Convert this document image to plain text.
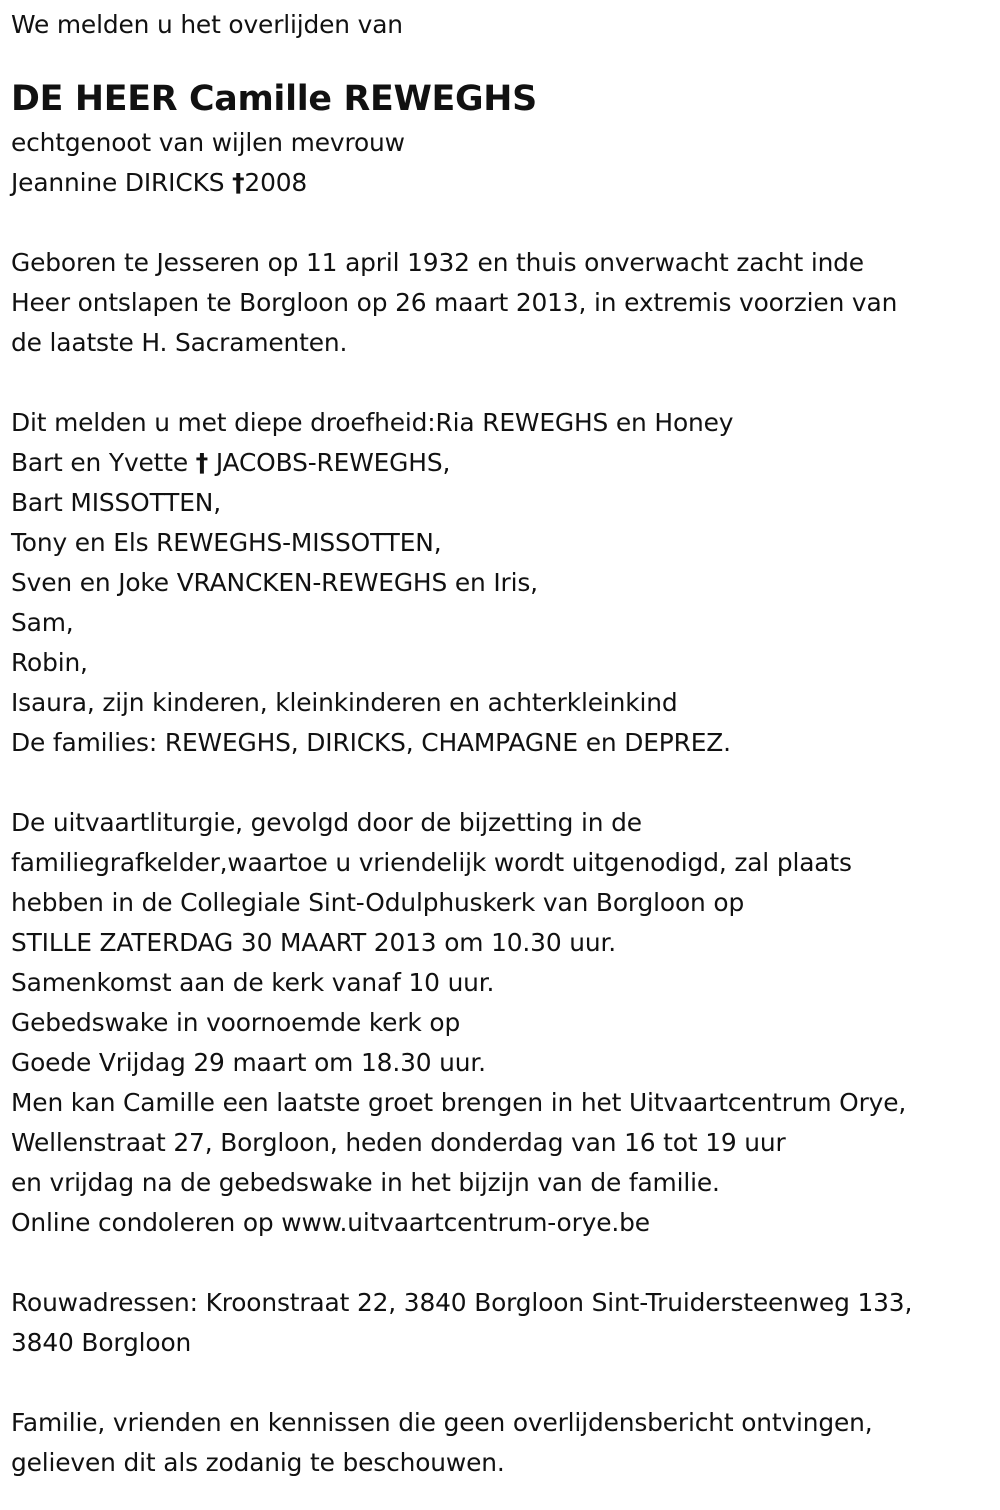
We melden u het overlijden van
DE HEER Camille REWEGHS
echtgenoot van wijlen mevrouw
Jeannine DIRICKS †2008
Geboren te Jesseren op 11 april 1932 en thuis onverwacht zacht inde
Heer ontslapen te Borgloon op 26 maart 2013, in extremis voorzien van
de laatste H. Sacramenten.
Dit melden u met diepe droefheid:Ria REWEGHS en Honey
Bart en Yvette † JACOBS-REWEGHS,
Bart MISSOTTEN,
Tony en Els REWEGHS-MISSOTTEN,
Sven en Joke VRANCKEN-REWEGHS en Iris,
Sam,
Robin,
Isaura, zijn kinderen, kleinkinderen en achterkleinkind
De families: REWEGHS, DIRICKS, CHAMPAGNE en DEPREZ.
De uitvaartliturgie, gevolgd door de bijzetting in de
familiegrafkelder,waartoe u vriendelijk wordt uitgenodigd, zal plaats
hebben in de Collegiale Sint-Odulphuskerk van Borgloon op
STILLE ZATERDAG 30 MAART 2013 om 10.30 uur.
Samenkomst aan de kerk vanaf 10 uur.
Gebedswake in voornoemde kerk op
Goede Vrijdag 29 maart om 18.30 uur.
Men kan Camille een laatste groet brengen in het Uitvaartcentrum Orye,
Wellenstraat 27, Borgloon, heden donderdag van 16 tot 19 uur
en vrijdag na de gebedswake in het bijzijn van de familie.
Online condoleren op www.uitvaartcentrum-orye.be
Rouwadressen: Kroonstraat 22, 3840 Borgloon Sint-Truidersteenweg 133,
3840 Borgloon
Familie, vrienden en kennissen die geen overlijdensbericht ontvingen,
gelieven dit als zodanig te beschouwen.
